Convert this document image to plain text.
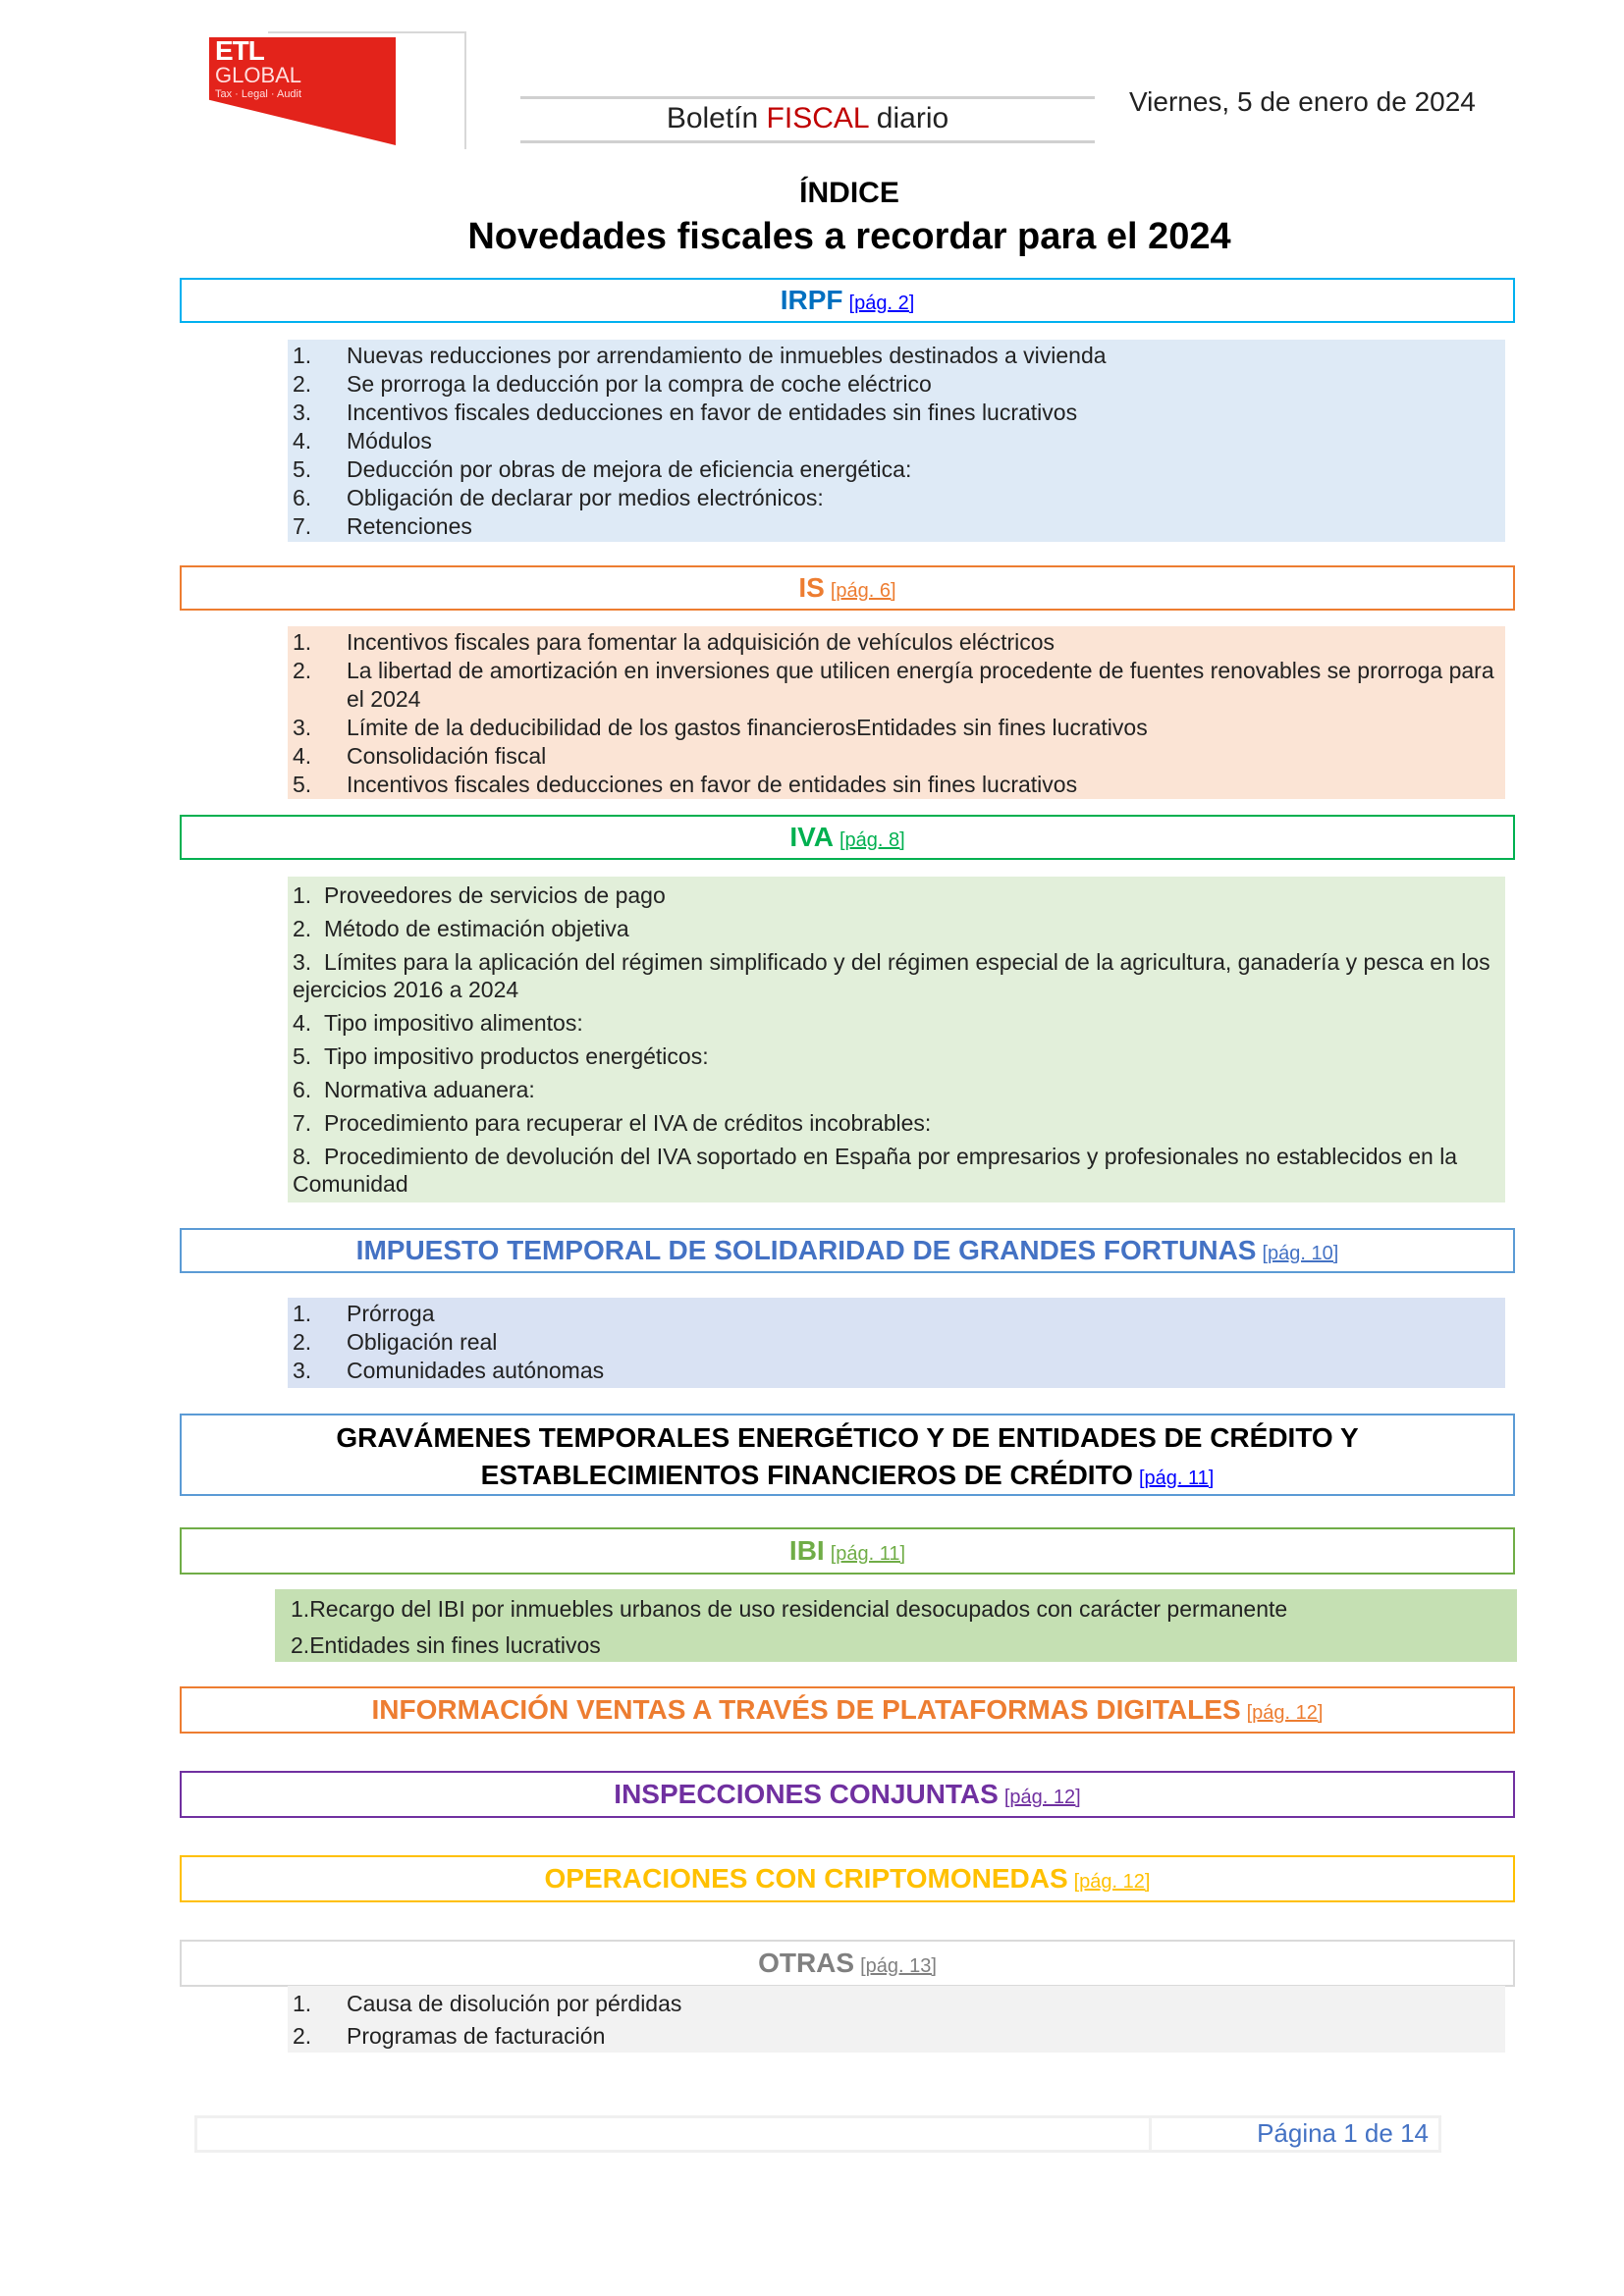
ETL
GLOBAL
Tax · Legal · Audit
Boletín FISCAL diario
Viernes, 5 de enero de 2024
ÍNDICE
Novedades fiscales a recordar para el 2024
IRPF [pág. 2]
1.	Nuevas reducciones por arrendamiento de inmuebles destinados a vivienda
2.	Se prorroga la deducción por la compra de coche eléctrico
3.	Incentivos fiscales deducciones en favor de entidades sin fines lucrativos
4.	Módulos
5.	Deducción por obras de mejora de eficiencia energética:
6.	Obligación de declarar por medios electrónicos:
7.	Retenciones
IS [pág. 6]
1.	Incentivos fiscales para fomentar la adquisición de vehículos eléctricos
2.	La libertad de amortización en inversiones que utilicen energía procedente de fuentes renovables se prorroga para el 2024
3.	Límite de la deducibilidad de los gastos financierosEntidades sin fines lucrativos
4.	Consolidación fiscal
5.	Incentivos fiscales deducciones en favor de entidades sin fines lucrativos
IVA [pág. 8]
1. Proveedores de servicios de pago
2. Método de estimación objetiva
3. Límites para la aplicación del régimen simplificado y del régimen especial de la agricultura, ganadería y pesca en los ejercicios 2016 a 2024
4. Tipo impositivo alimentos:
5. Tipo impositivo productos energéticos:
6. Normativa aduanera:
7. Procedimiento para recuperar el IVA de créditos incobrables:
8. Procedimiento de devolución del IVA soportado en España por empresarios y profesionales no establecidos en la Comunidad
IMPUESTO TEMPORAL DE SOLIDARIDAD DE GRANDES FORTUNAS [pág. 10]
1.	Prórroga
2.	Obligación real
3.	Comunidades autónomas
GRAVÁMENES TEMPORALES ENERGÉTICO Y DE ENTIDADES DE CRÉDITO Y ESTABLECIMIENTOS FINANCIEROS DE CRÉDITO [pág. 11]
IBI [pág. 11]
1.Recargo del IBI por inmuebles urbanos de uso residencial desocupados con carácter permanente
2.Entidades sin fines lucrativos
INFORMACIÓN VENTAS A TRAVÉS DE PLATAFORMAS DIGITALES [pág. 12]
INSPECCIONES CONJUNTAS [pág. 12]
OPERACIONES CON CRIPTOMONEDAS [pág. 12]
OTRAS [pág. 13]
1.	Causa de disolución por pérdidas
2.	Programas de facturación
Página 1 de 14
